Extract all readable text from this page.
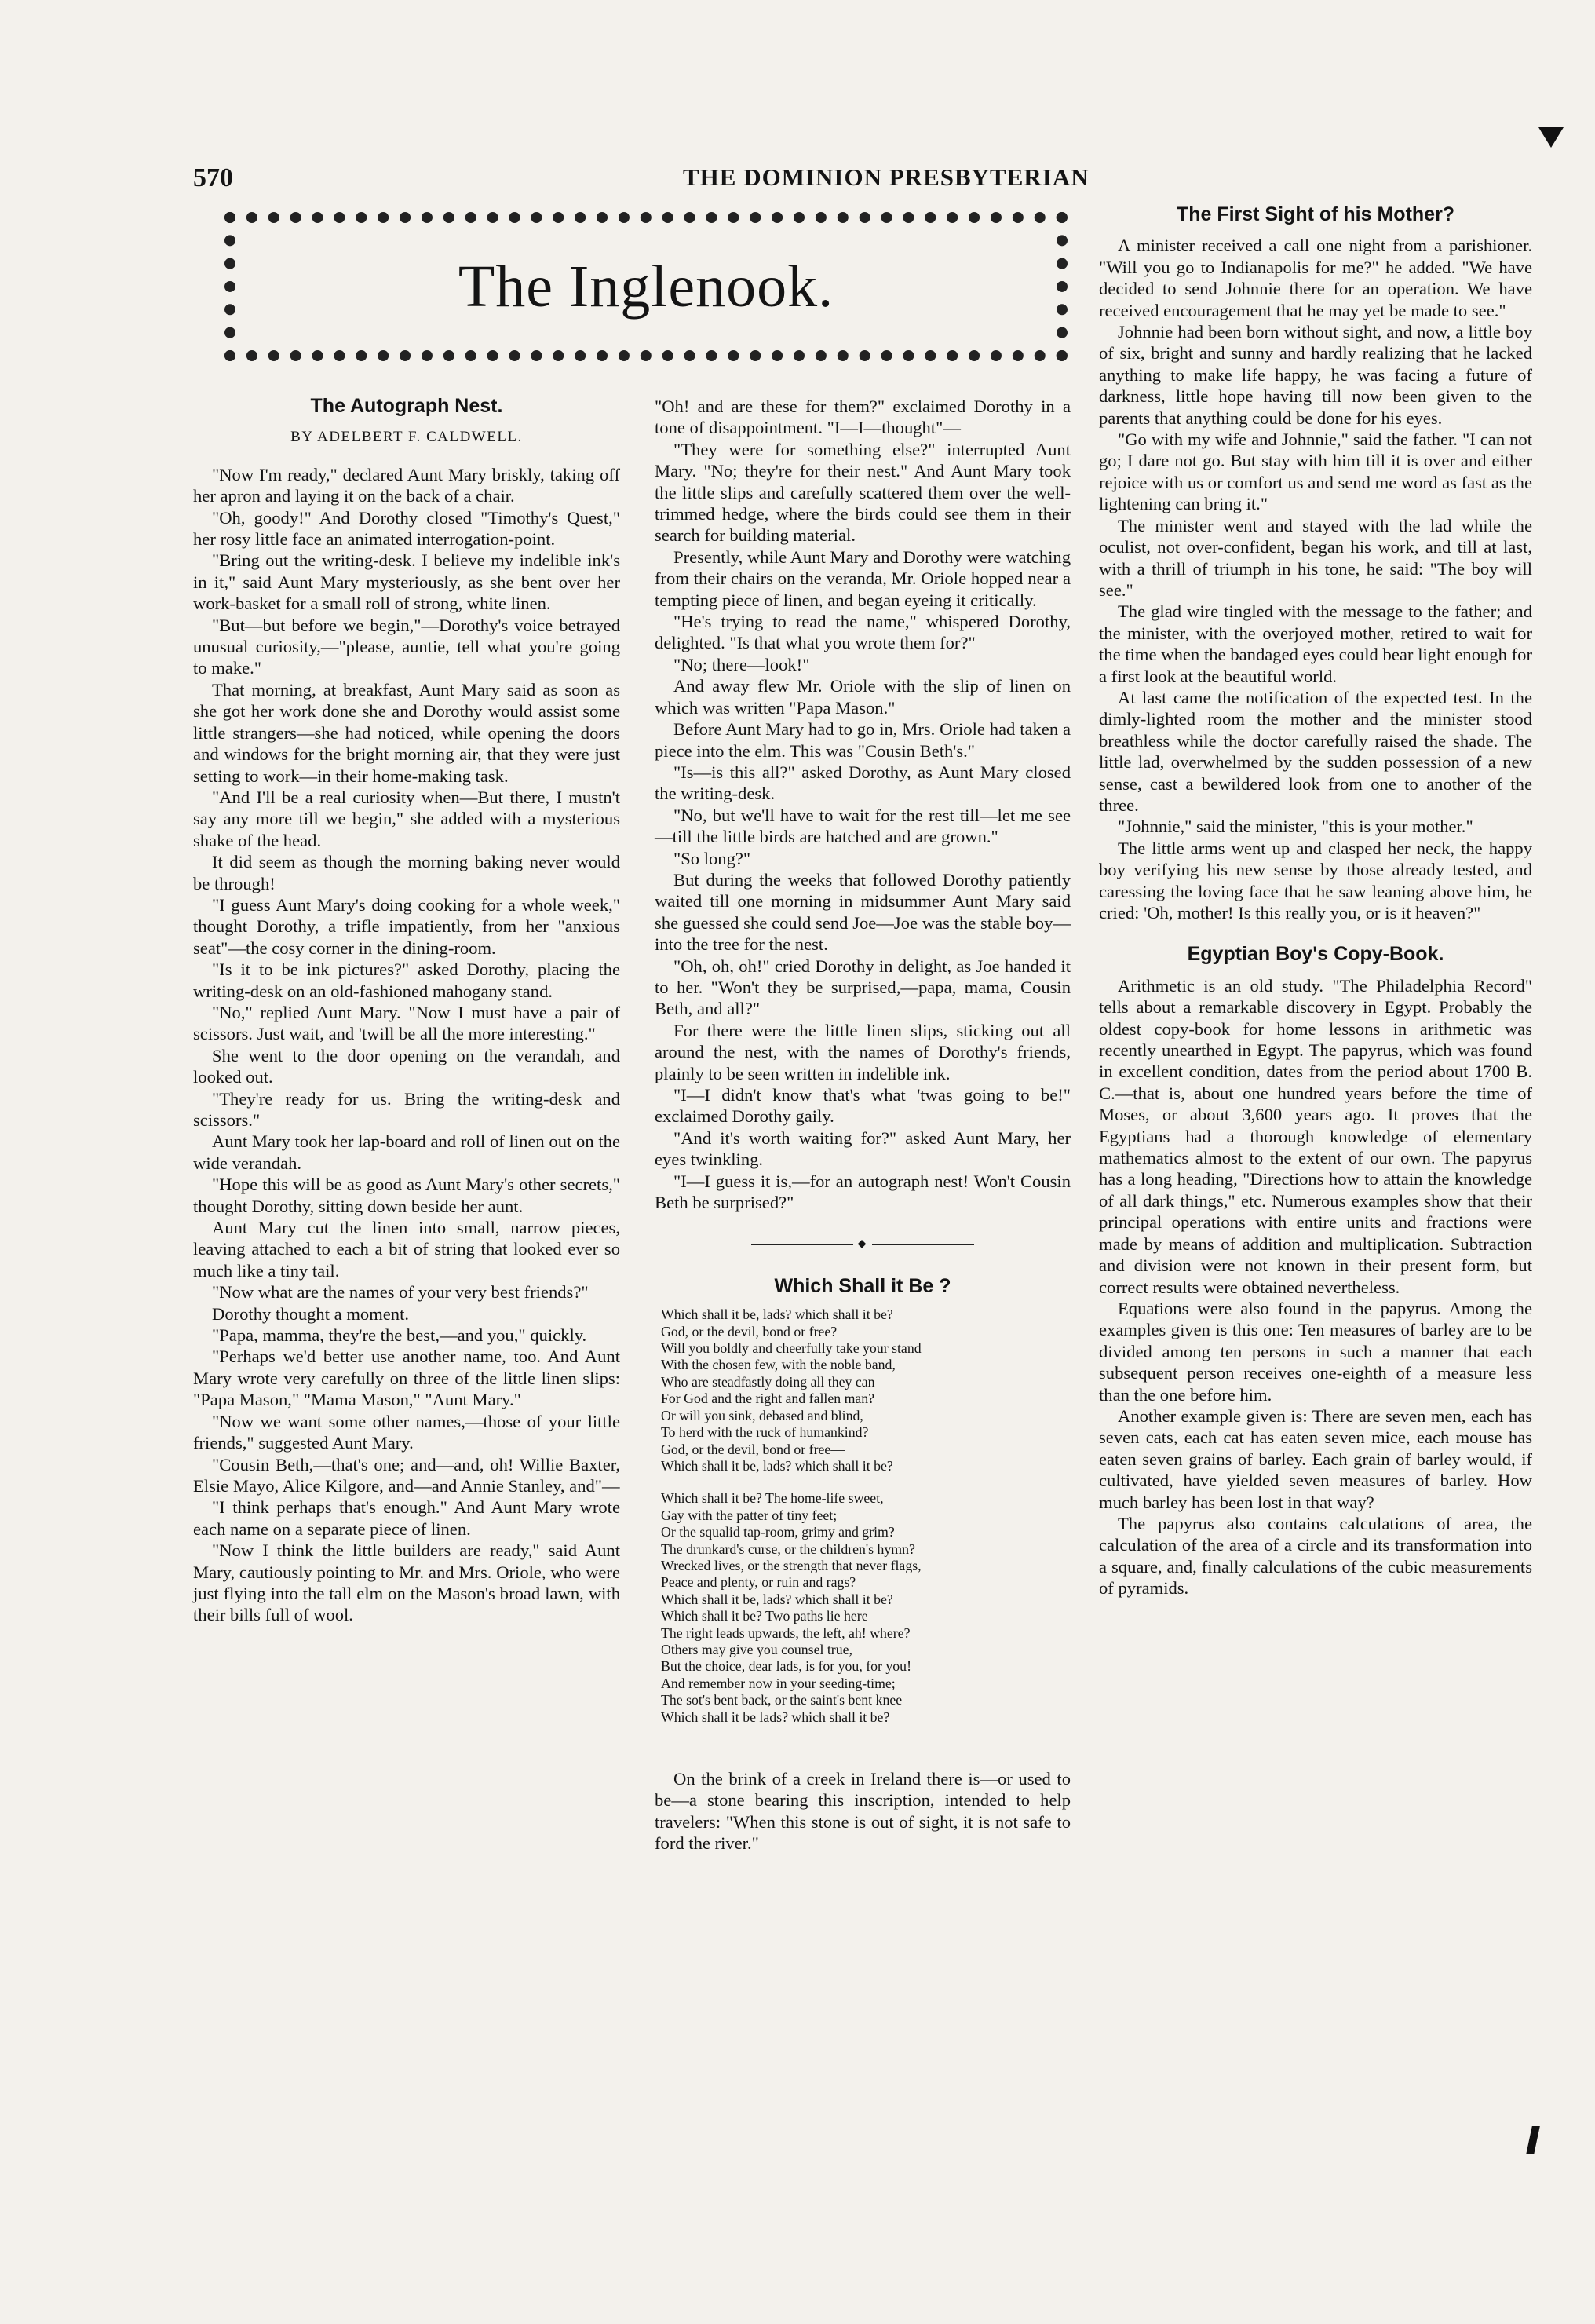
570	THE DOMINION PRESBYTERIAN
The Inglenook.
The Autograph Nest.
BY ADELBERT F. CALDWELL.

"Now I'm ready," declared Aunt Mary briskly, taking off her apron and laying it on the back of a chair.

"Oh, goody!" And Dorothy closed "Timothy's Quest," her rosy little face an animated interrogation-point.

"Bring out the writing-desk. I believe my indelible ink's in it," said Aunt Mary mysteriously, as she bent over her work-basket for a small roll of strong, white linen.

"But—but before we begin,"—Dorothy's voice betrayed unusual curiosity,—"please, auntie, tell what you're going to make."

That morning, at breakfast, Aunt Mary said as soon as she got her work done she and Dorothy would assist some little strangers—she had noticed, while opening the doors and windows for the bright morning air, that they were just setting to work—in their home-making task.

"And I'll be a real curiosity when—But there, I mustn't say any more till we begin," she added with a mysterious shake of the head.

It did seem as though the morning baking never would be through!

"I guess Aunt Mary's doing cooking for a whole week," thought Dorothy, a trifle impatiently, from her "anxious seat"—the cosy corner in the dining-room.

"Is it to be ink pictures?" asked Dorothy, placing the writing-desk on an old-fashioned mahogany stand.

"No," replied Aunt Mary. "Now I must have a pair of scissors. Just wait, and 'twill be all the more interesting."

She went to the door opening on the verandah, and looked out.

"They're ready for us. Bring the writing-desk and scissors."

Aunt Mary took her lap-board and roll of linen out on the wide verandah.

"Hope this will be as good as Aunt Mary's other secrets," thought Dorothy, sitting down beside her aunt.

Aunt Mary cut the linen into small, narrow pieces, leaving attached to each a bit of string that looked ever so much like a tiny tail.

"Now what are the names of your very best friends?"

Dorothy thought a moment.

"Papa, mamma, they're the best,—and you," quickly.

"Perhaps we'd better use another name, too. And Aunt Mary wrote very carefully on three of the little linen slips: "Papa Mason," "Mama Mason," "Aunt Mary."

"Now we want some other names,—those of your little friends," suggested Aunt Mary.

"Cousin Beth,—that's one; and—and, oh! Willie Baxter, Elsie Mayo, Alice Kilgore, and—and Annie Stanley, and"—

"I think perhaps that's enough." And Aunt Mary wrote each name on a separate piece of linen.

"Now I think the little builders are ready," said Aunt Mary, cautiously pointing to Mr. and Mrs. Oriole, who were just flying into the tall elm on the Mason's broad lawn, with their bills full of wool.

"Oh! and are these for them?" exclaimed Dorothy in a tone of disappointment. "I—I—thought"—

"They were for something else?" interrupted Aunt Mary. "No; they're for their nest." And Aunt Mary took the little slips and carefully scattered them over the well-trimmed hedge, where the birds could see them in their search for building material.

Presently, while Aunt Mary and Dorothy were watching from their chairs on the veranda, Mr. Oriole hopped near a tempting piece of linen, and began eyeing it critically.

"He's trying to read the name," whispered Dorothy, delighted. "Is that what you wrote them for?"

"No; there—look!"

And away flew Mr. Oriole with the slip of linen on which was written "Papa Mason."

Before Aunt Mary had to go in, Mrs. Oriole had taken a piece into the elm. This was "Cousin Beth's."

"Is—is this all?" asked Dorothy, as Aunt Mary closed the writing-desk.

"No, but we'll have to wait for the rest till—let me see—till the little birds are hatched and are grown."

"So long?"

But during the weeks that followed Dorothy patiently waited till one morning in midsummer Aunt Mary said she guessed she could send Joe—Joe was the stable boy—into the tree for the nest.

"Oh, oh, oh!" cried Dorothy in delight, as Joe handed it to her. "Won't they be surprised,—papa, mama, Cousin Beth, and all?"

For there were the little linen slips, sticking out all around the nest, with the names of Dorothy's friends, plainly to be seen written in indelible ink.

"I—I didn't know that's what 'twas going to be!" exclaimed Dorothy gaily.

"And it's worth waiting for?" asked Aunt Mary, her eyes twinkling.

"I—I guess it is,—for an autograph nest! Won't Cousin Beth be surprised?"

◆
Which Shall it Be ?
Which shall it be, lads? which shall it be?
God, or the devil, bond or free?
Will you boldly and cheerfully take your stand
With the chosen few, with the noble band,
Who are steadfastly doing all they can
For God and the right and fallen man?
Or will you sink, debased and blind,
To herd with the ruck of humankind?
God, or the devil, bond or free—
Which shall it be, lads? which shall it be?
Which shall it be? The home-life sweet,
Gay with the patter of tiny feet;
Or the squalid tap-room, grimy and grim?
The drunkard's curse, or the children's hymn?
Wrecked lives, or the strength that never flags,
Peace and plenty, or ruin and rags?
Which shall it be, lads? which shall it be?
Which shall it be? Two paths lie here—
The right leads upwards, the left, ah! where?
Others may give you counsel true,
But the choice, dear lads, is for you, for you!
And remember now in your seeding-time;
The sot's bent back, or the saint's bent knee—
Which shall it be lads? which shall it be?

On the brink of a creek in Ireland there is—or used to be—a stone bearing this inscription, intended to help travelers: "When this stone is out of sight, it is not safe to ford the river."

The First Sight of his Mother?

A minister received a call one night from a parishioner. "Will you go to Indianapolis for me?" he added. "We have decided to send Johnnie there for an operation. We have received encouragement that he may yet be made to see."

Johnnie had been born without sight, and now, a little boy of six, bright and sunny and hardly realizing that he lacked anything to make life happy, he was facing a future of darkness, little hope having till now been given to the parents that anything could be done for his eyes.

"Go with my wife and Johnnie," said the father. "I can not go; I dare not go. But stay with him till it is over and either rejoice with us or comfort us and send me word as fast as the lightening can bring it."

The minister went and stayed with the lad while the oculist, not over-confident, began his work, and till at last, with a thrill of triumph in his tone, he said: "The boy will see."

The glad wire tingled with the message to the father; and the minister, with the overjoyed mother, retired to wait for the time when the bandaged eyes could bear light enough for a first look at the beautiful world.

At last came the notification of the expected test. In the dimly-lighted room the mother and the minister stood breathless while the doctor carefully raised the shade. The little lad, overwhelmed by the sudden possession of a new sense, cast a bewildered look from one to another of the three.

"Johnnie," said the minister, "this is your mother."

The little arms went up and clasped her neck, the happy boy verifying his new sense by those already tested, and caressing the loving face that he saw leaning above him, he cried: 'Oh, mother! Is this really you, or is it heaven?"

Egyptian Boy's Copy-Book.

Arithmetic is an old study. "The Philadelphia Record" tells about a remarkable discovery in Egypt. Probably the oldest copy-book for home lessons in arithmetic was recently unearthed in Egypt. The papyrus, which was found in excellent condition, dates from the period about 1700 B. C.—that is, about one hundred years before the time of Moses, or about 3,600 years ago. It proves that the Egyptians had a thorough knowledge of elementary mathematics almost to the extent of our own. The papyrus has a long heading, "Directions how to attain the knowledge of all dark things," etc. Numerous examples show that their principal operations with entire units and fractions were made by means of addition and multiplication. Subtraction and division were not known in their present form, but correct results were obtained nevertheless.

Equations were also found in the papyrus. Among the examples given is this one: Ten measures of barley are to be divided among ten persons in such a manner that each subsequent person receives one-eighth of a measure less than the one before him.

Another example given is: There are seven men, each has seven cats, each cat has eaten seven mice, each mouse has eaten seven grains of barley. Each grain of barley would, if cultivated, have yielded seven measures of barley. How much barley has been lost in that way?

The papyrus also contains calculations of area, the calculation of the area of a circle and its transformation into a square, and, finally calculations of the cubic measurements of pyramids.
